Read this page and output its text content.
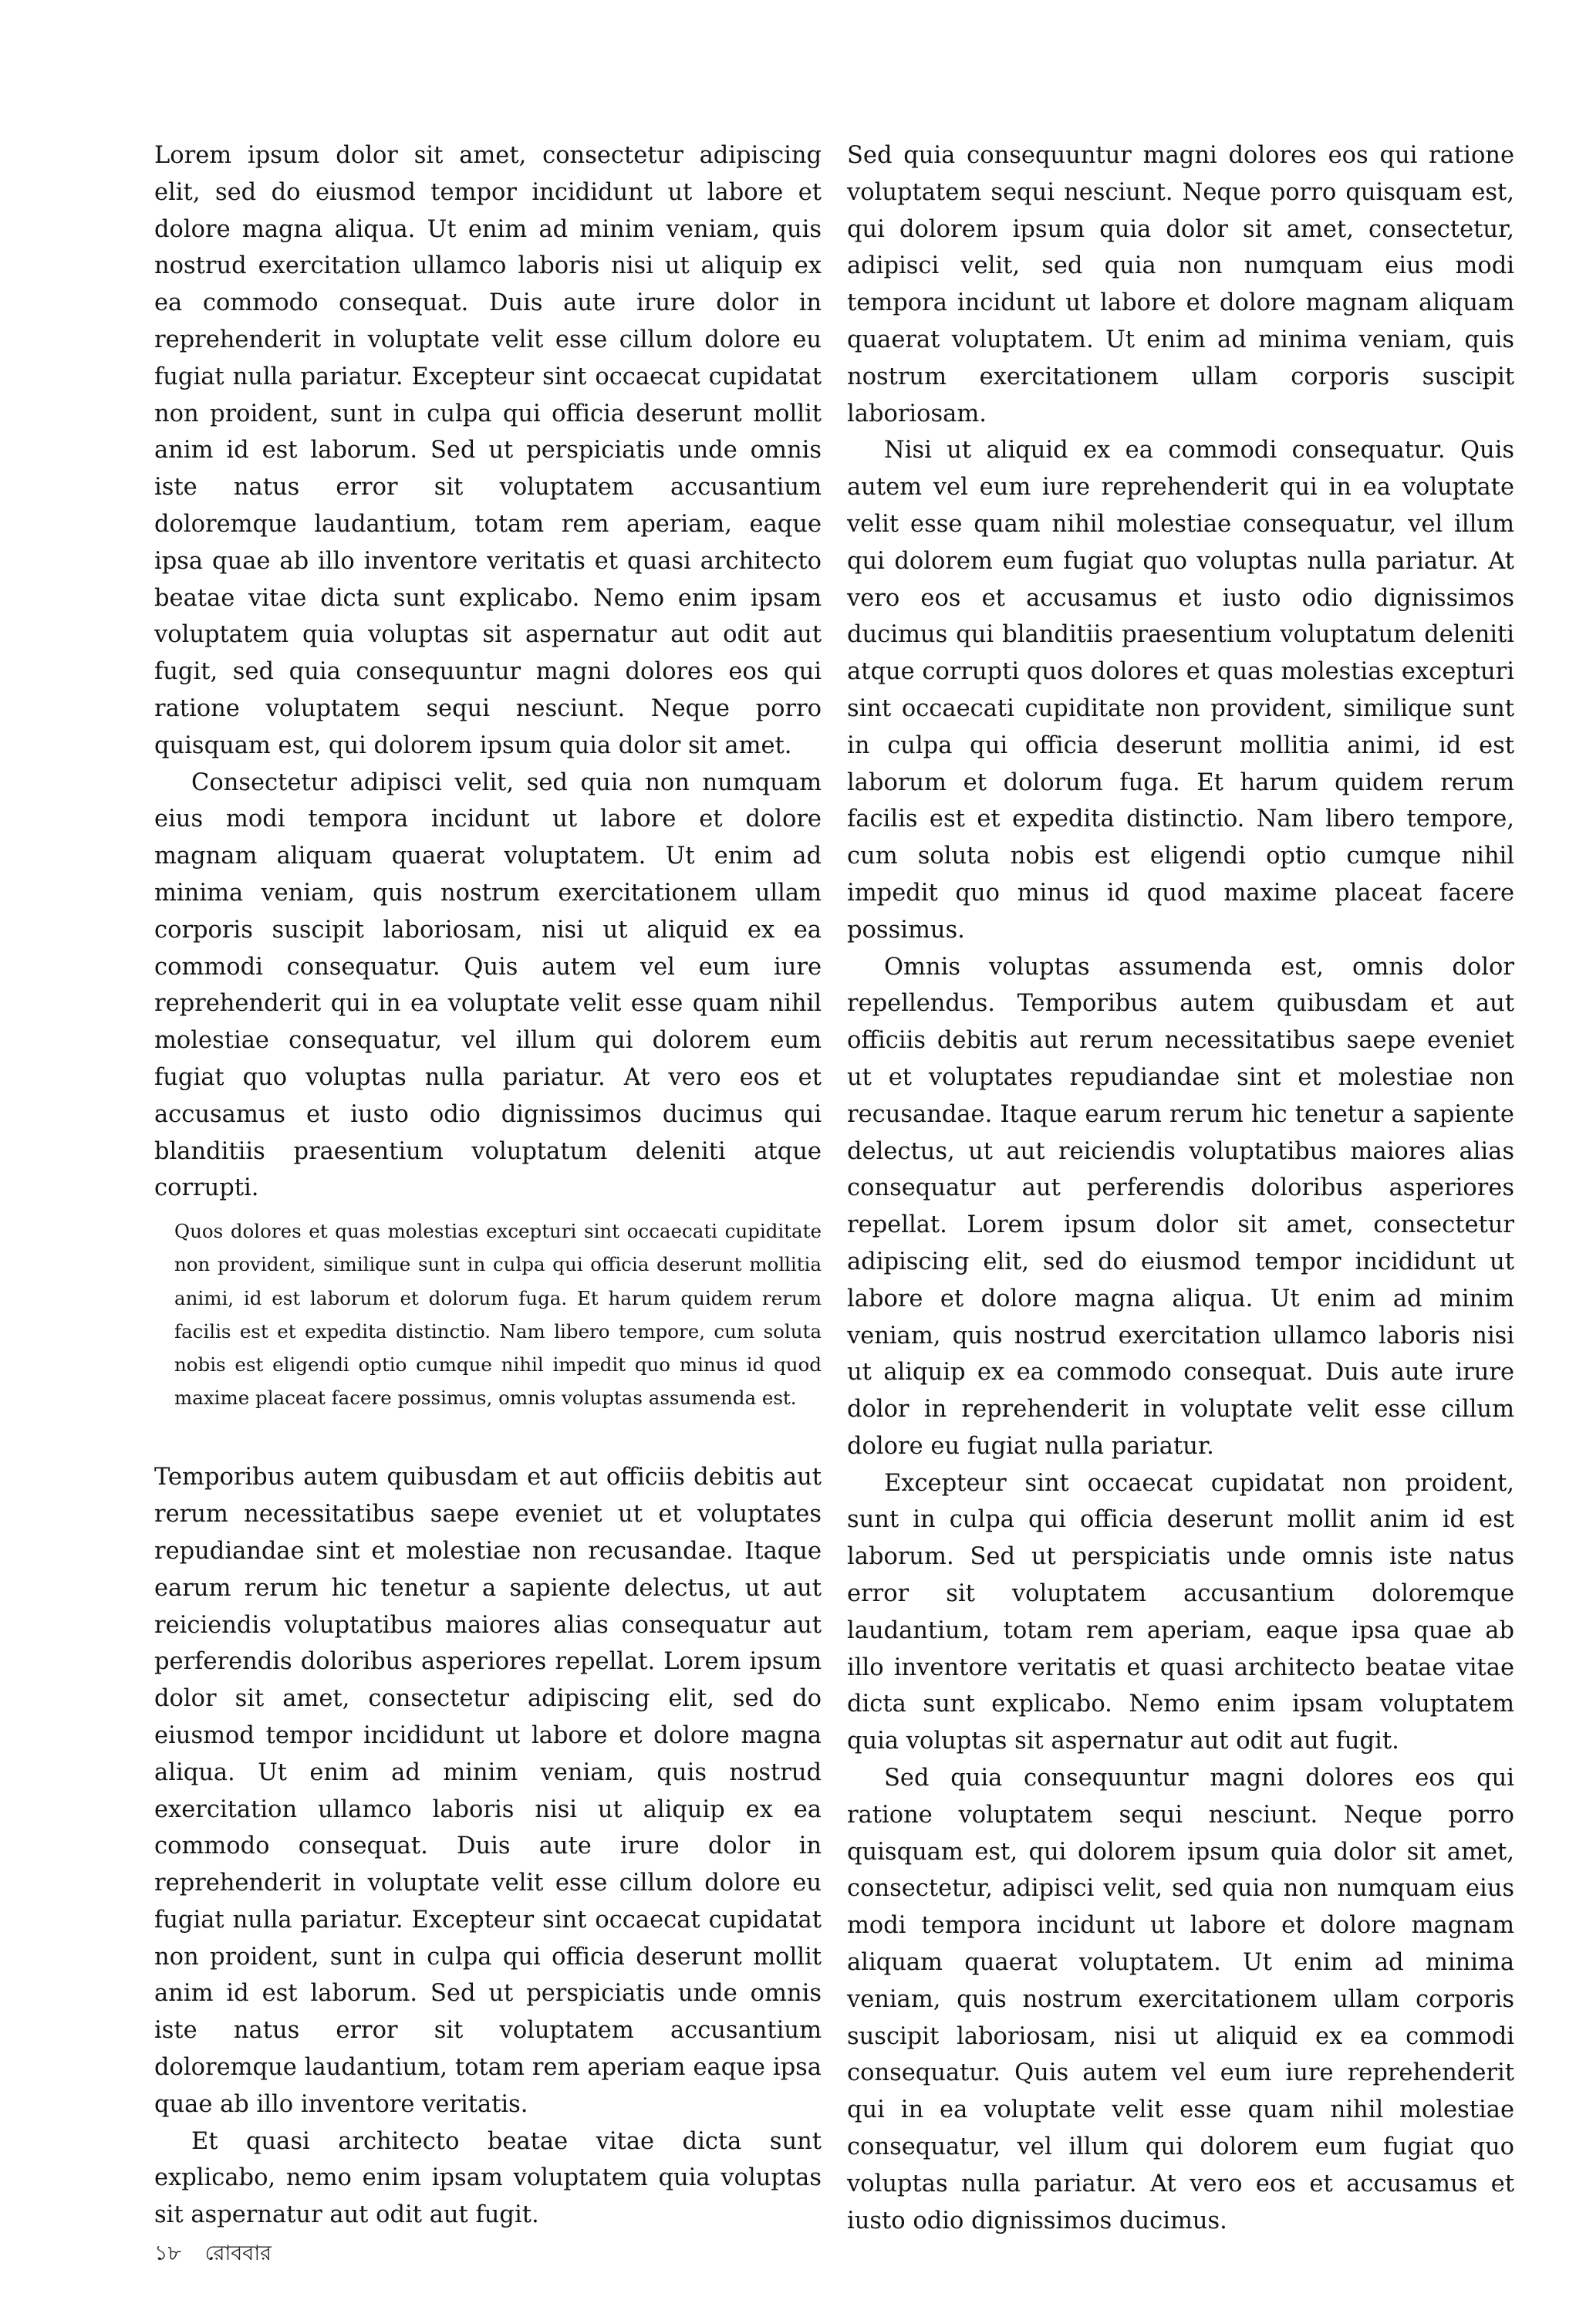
Lorem ipsum dolor sit amet, consectetur adipiscing elit, sed do eiusmod tempor incididunt ut labore et dolore magna aliqua. Ut enim ad minim veniam, quis nostrud exercitation ullamco laboris nisi ut aliquip ex ea commodo consequat. Duis aute irure dolor in reprehenderit in voluptate velit esse cillum dolore eu fugiat nulla pariatur. Excepteur sint occaecat cupidatat non proident, sunt in culpa qui officia deserunt mollit anim id est laborum. Sed ut perspiciatis unde omnis iste natus error sit voluptatem accusantium doloremque laudantium, totam rem aperiam, eaque ipsa quae ab illo inventore veritatis et quasi architecto beatae vitae dicta sunt explicabo. Nemo enim ipsam voluptatem quia voluptas sit aspernatur aut odit aut fugit, sed quia consequuntur magni dolores eos qui ratione voluptatem sequi nesciunt. Neque porro quisquam est, qui dolorem ipsum quia dolor sit amet.

Consectetur adipisci velit, sed quia non numquam eius modi tempora incidunt ut labore et dolore magnam aliquam quaerat voluptatem. Ut enim ad minima veniam, quis nostrum exercitationem ullam corporis suscipit laboriosam, nisi ut aliquid ex ea commodi consequatur. Quis autem vel eum iure reprehenderit qui in ea voluptate velit esse quam nihil molestiae consequatur, vel illum qui dolorem eum fugiat quo voluptas nulla pariatur. At vero eos et accusamus et iusto odio dignissimos ducimus qui blanditiis praesentium voluptatum deleniti atque corrupti.

Quos dolores et quas molestias excepturi sint occaecati cupiditate non provident, similique sunt in culpa qui officia deserunt mollitia animi, id est laborum et dolorum fuga. Et harum quidem rerum facilis est et expedita distinctio. Nam libero tempore, cum soluta nobis est eligendi optio cumque nihil impedit quo minus id quod maxime placeat facere possimus, omnis voluptas assumenda est.

Temporibus autem quibusdam et aut officiis debitis aut rerum necessitatibus saepe eveniet ut et voluptates repudiandae sint et molestiae non recusandae. Itaque earum rerum hic tenetur a sapiente delectus, ut aut reiciendis voluptatibus maiores alias consequatur aut perferendis doloribus asperiores repellat. Lorem ipsum dolor sit amet, consectetur adipiscing elit, sed do eiusmod tempor incididunt ut labore et dolore magna aliqua. Ut enim ad minim veniam, quis nostrud exercitation ullamco laboris nisi ut aliquip ex ea commodo consequat. Duis aute irure dolor in reprehenderit in voluptate velit esse cillum dolore eu fugiat nulla pariatur. Excepteur sint occaecat cupidatat non proident, sunt in culpa qui officia deserunt mollit anim id est laborum. Sed ut perspiciatis unde omnis iste natus error sit voluptatem accusantium doloremque laudantium, totam rem aperiam eaque ipsa quae ab illo inventore veritatis.

Et quasi architecto beatae vitae dicta sunt explicabo, nemo enim ipsam voluptatem quia voluptas sit aspernatur aut odit aut fugit.

Sed quia consequuntur magni dolores eos qui ratione voluptatem sequi nesciunt. Neque porro quisquam est, qui dolorem ipsum quia dolor sit amet, consectetur, adipisci velit, sed quia non numquam eius modi tempora incidunt ut labore et dolore magnam aliquam quaerat voluptatem. Ut enim ad minima veniam, quis nostrum exercitationem ullam corporis suscipit laboriosam.

Nisi ut aliquid ex ea commodi consequatur. Quis autem vel eum iure reprehenderit qui in ea voluptate velit esse quam nihil molestiae consequatur, vel illum qui dolorem eum fugiat quo voluptas nulla pariatur. At vero eos et accusamus et iusto odio dignissimos ducimus qui blanditiis praesentium voluptatum deleniti atque corrupti quos dolores et quas molestias excepturi sint occaecati cupiditate non provident, similique sunt in culpa qui officia deserunt mollitia animi, id est laborum et dolorum fuga. Et harum quidem rerum facilis est et expedita distinctio. Nam libero tempore, cum soluta nobis est eligendi optio cumque nihil impedit quo minus id quod maxime placeat facere possimus.

Omnis voluptas assumenda est, omnis dolor repellendus. Temporibus autem quibusdam et aut officiis debitis aut rerum necessitatibus saepe eveniet ut et voluptates repudiandae sint et molestiae non recusandae. Itaque earum rerum hic tenetur a sapiente delectus, ut aut reiciendis voluptatibus maiores alias consequatur aut perferendis doloribus asperiores repellat. Lorem ipsum dolor sit amet, consectetur adipiscing elit, sed do eiusmod tempor incididunt ut labore et dolore magna aliqua. Ut enim ad minim veniam, quis nostrud exercitation ullamco laboris nisi ut aliquip ex ea commodo consequat. Duis aute irure dolor in reprehenderit in voluptate velit esse cillum dolore eu fugiat nulla pariatur.

Excepteur sint occaecat cupidatat non proident, sunt in culpa qui officia deserunt mollit anim id est laborum. Sed ut perspiciatis unde omnis iste natus error sit voluptatem accusantium doloremque laudantium, totam rem aperiam, eaque ipsa quae ab illo inventore veritatis et quasi architecto beatae vitae dicta sunt explicabo. Nemo enim ipsam voluptatem quia voluptas sit aspernatur aut odit aut fugit.

Sed quia consequuntur magni dolores eos qui ratione voluptatem sequi nesciunt. Neque porro quisquam est, qui dolorem ipsum quia dolor sit amet, consectetur, adipisci velit, sed quia non numquam eius modi tempora incidunt ut labore et dolore magnam aliquam quaerat voluptatem. Ut enim ad minima veniam, quis nostrum exercitationem ullam corporis suscipit laboriosam, nisi ut aliquid ex ea commodi consequatur. Quis autem vel eum iure reprehenderit qui in ea voluptate velit esse quam nihil molestiae consequatur, vel illum qui dolorem eum fugiat quo voluptas nulla pariatur. At vero eos et accusamus et iusto odio dignissimos ducimus.

১৮ রোববার
